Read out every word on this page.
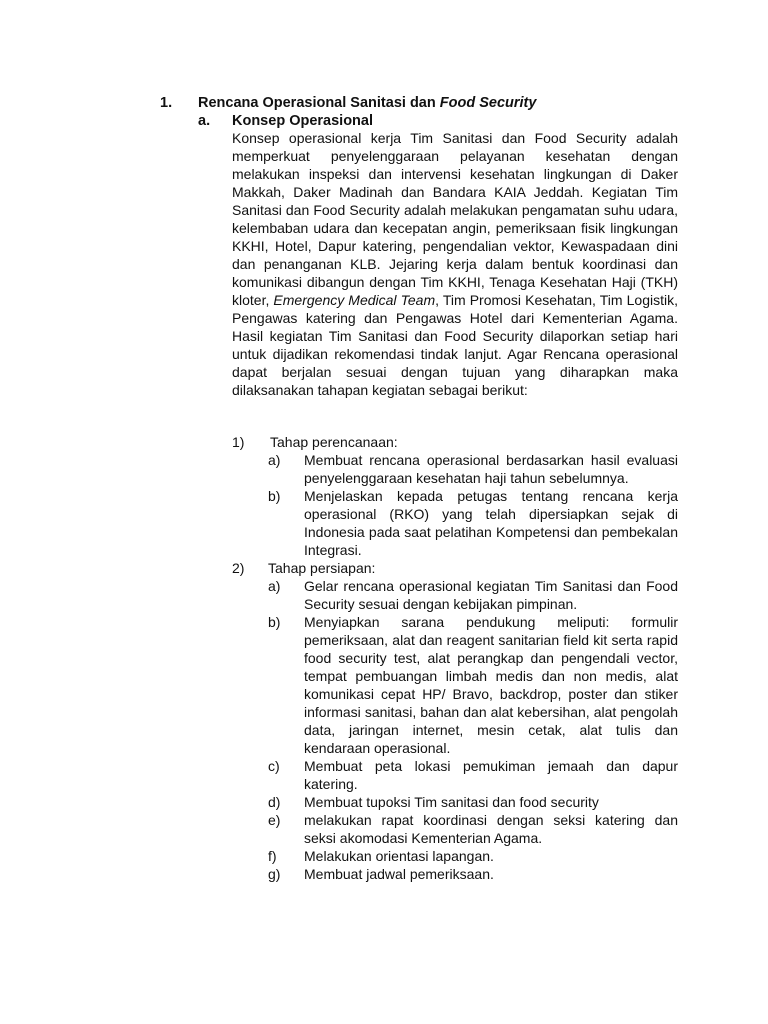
1. Rencana Operasional Sanitasi dan Food Security
a. Konsep Operasional

Konsep operasional kerja Tim Sanitasi dan Food Security adalah memperkuat penyelenggaraan pelayanan kesehatan dengan melakukan inspeksi dan intervensi kesehatan lingkungan di Daker Makkah, Daker Madinah dan Bandara KAIA Jeddah. Kegiatan Tim Sanitasi dan Food Security adalah melakukan pengamatan suhu udara, kelembaban udara dan kecepatan angin, pemeriksaan fisik lingkungan KKHI, Hotel, Dapur katering, pengendalian vektor, Kewaspadaan dini dan penanganan KLB. Jejaring kerja dalam bentuk koordinasi dan komunikasi dibangun dengan Tim KKHI, Tenaga Kesehatan Haji (TKH) kloter, Emergency Medical Team, Tim Promosi Kesehatan, Tim Logistik, Pengawas katering dan Pengawas Hotel dari Kementerian Agama. Hasil kegiatan Tim Sanitasi dan Food Security dilaporkan setiap hari untuk dijadikan rekomendasi tindak lanjut. Agar Rencana operasional dapat berjalan sesuai dengan tujuan yang diharapkan maka dilaksanakan tahapan kegiatan sebagai berikut:

1) Tahap perencanaan:
a) Membuat rencana operasional berdasarkan hasil evaluasi penyelenggaraan kesehatan haji tahun sebelumnya.
b) Menjelaskan kepada petugas tentang rencana kerja operasional (RKO) yang telah dipersiapkan sejak di Indonesia pada saat pelatihan Kompetensi dan pembekalan Integrasi.
2) Tahap persiapan:
a) Gelar rencana operasional kegiatan Tim Sanitasi dan Food Security sesuai dengan kebijakan pimpinan.
b) Menyiapkan sarana pendukung meliputi: formulir pemeriksaan, alat dan reagent sanitarian field kit serta rapid food security test, alat perangkap dan pengendali vector, tempat pembuangan limbah medis dan non medis, alat komunikasi cepat HP/ Bravo, backdrop, poster dan stiker informasi sanitasi, bahan dan alat kebersihan, alat pengolah data, jaringan internet, mesin cetak, alat tulis dan kendaraan operasional.
c) Membuat peta lokasi pemukiman jemaah dan dapur katering.
d) Membuat tupoksi Tim sanitasi dan food security
e) melakukan rapat koordinasi dengan seksi katering dan seksi akomodasi Kementerian Agama.
f) Melakukan orientasi lapangan.
g) Membuat jadwal pemeriksaan.
